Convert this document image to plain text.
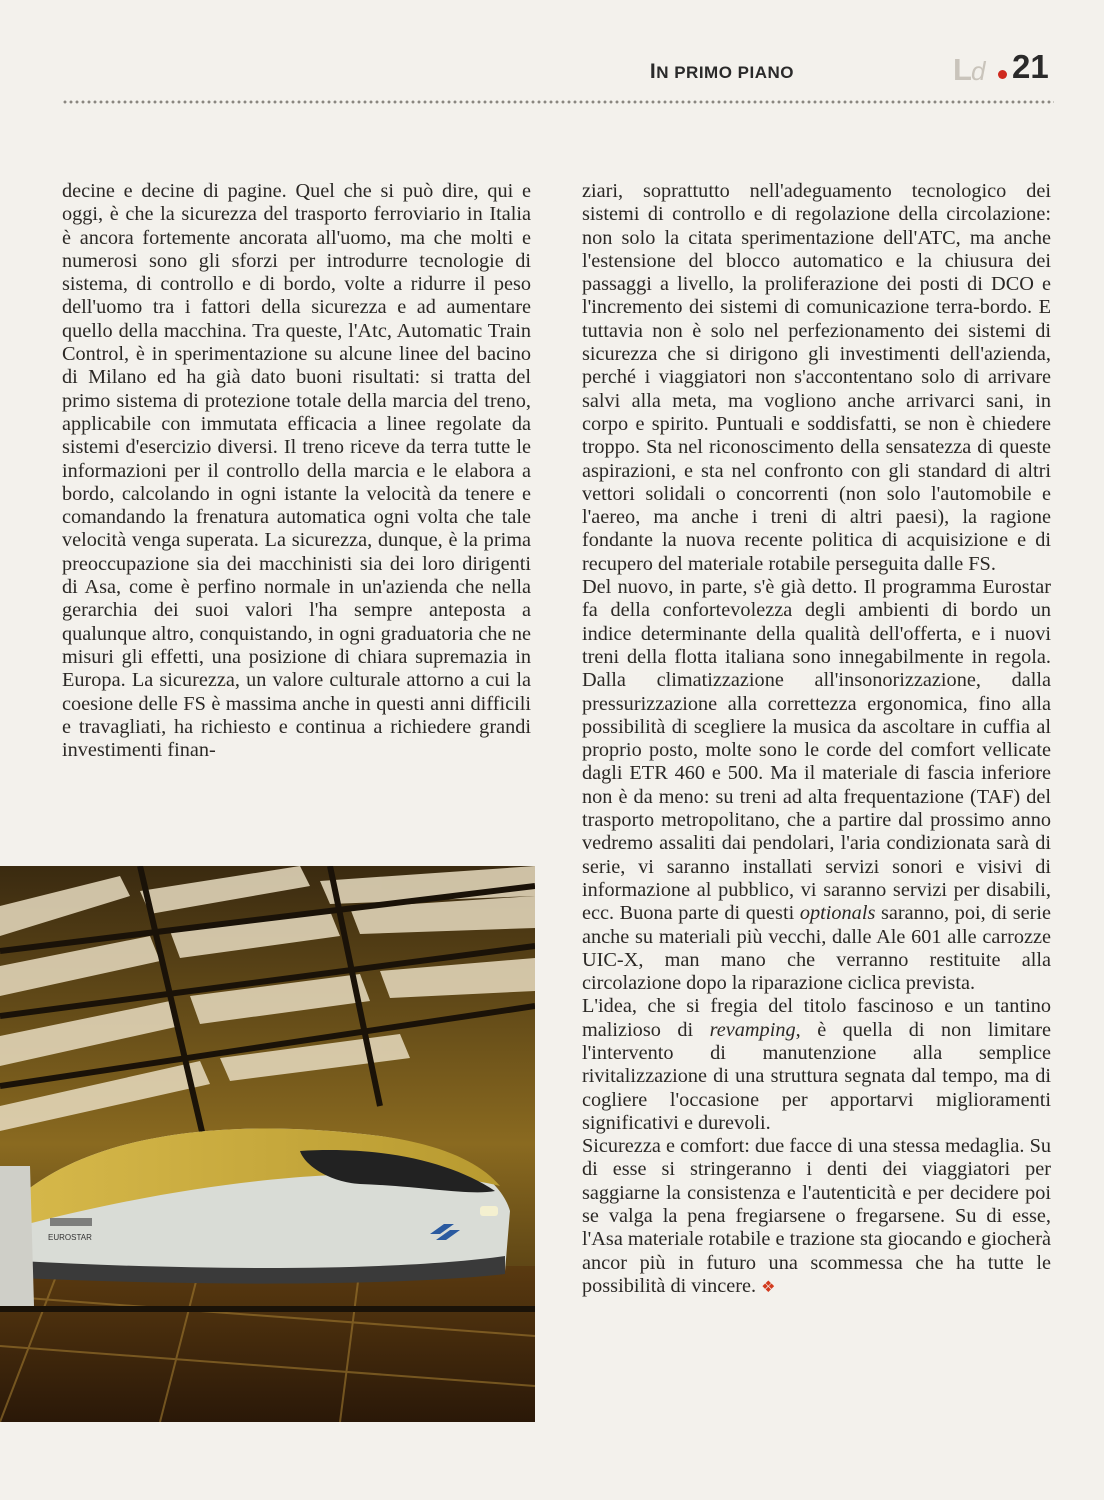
IN PRIMO PIANO	Ld 21

decine e decine di pagine. Quel che si può dire, qui e oggi, è che la sicurezza del trasporto ferroviario in Italia è ancora fortemente ancorata all'uomo, ma che molti e numerosi sono gli sforzi per introdurre tecnologie di sistema, di controllo e di bordo, volte a ridurre il peso dell'uomo tra i fattori della sicurezza e ad aumentare quello della macchina. Tra queste, l'Atc, Automatic Train Control, è in sperimentazione su alcune linee del bacino di Milano ed ha già dato buoni risultati: si tratta del primo sistema di protezione totale della marcia del treno, applicabile con immutata efficacia a linee regolate da sistemi d'esercizio diversi. Il treno riceve da terra tutte le informazioni per il controllo della marcia e le elabora a bordo, calcolando in ogni istante la velocità da tenere e comandando la frenatura automatica ogni volta che tale velocità venga superata. La sicurezza, dunque, è la prima preoccupazione sia dei macchinisti sia dei loro dirigenti di Asa, come è perfino normale in un'azienda che nella gerarchia dei suoi valori l'ha sempre anteposta a qualunque altro, conquistando, in ogni graduatoria che ne misuri gli effetti, una posizione di chiara supremazia in Europa. La sicurezza, un valore culturale attorno a cui la coesione delle FS è massima anche in questi anni difficili e travagliati, ha richiesto e continua a richiedere grandi investimenti finan-

ziari, soprattutto nell'adeguamento tecnologico dei sistemi di controllo e di regolazione della circolazione: non solo la citata sperimentazione dell'ATC, ma anche l'estensione del blocco automatico e la chiusura dei passaggi a livello, la proliferazione dei posti di DCO e l'incremento dei sistemi di comunicazione terra-bordo. E tuttavia non è solo nel perfezionamento dei sistemi di sicurezza che si dirigono gli investimenti dell'azienda, perché i viaggiatori non s'accontentano solo di arrivare salvi alla meta, ma vogliono anche arrivarci sani, in corpo e spirito. Puntuali e soddisfatti, se non è chiedere troppo. Sta nel riconoscimento della sensatezza di queste aspirazioni, e sta nel confronto con gli standard di altri vettori solidali o concorrenti (non solo l'automobile e l'aereo, ma anche i treni di altri paesi), la ragione fondante la nuova recente politica di acquisizione e di recupero del materiale rotabile perseguita dalle FS.

Del nuovo, in parte, s'è già detto. Il programma Eurostar fa della confortevolezza degli ambienti di bordo un indice determinante della qualità dell'offerta, e i nuovi treni della flotta italiana sono innegabilmente in regola. Dalla climatizzazione all'insonorizzazione, dalla pressurizzazione alla correttezza ergonomica, fino alla possibilità di scegliere la musica da ascoltare in cuffia al proprio posto, molte sono le corde del comfort vellicate dagli ETR 460 e 500. Ma il materiale di fascia inferiore non è da meno: su treni ad alta frequentazione (TAF) del trasporto metropolitano, che a partire dal prossimo anno vedremo assaliti dai pendolari, l'aria condizionata sarà di serie, vi saranno installati servizi sonori e visivi di informazione al pubblico, vi saranno servizi per disabili, ecc. Buona parte di questi optionals saranno, poi, di serie anche su materiali più vecchi, dalle Ale 601 alle carrozze UIC-X, man mano che verranno restituite alla circolazione dopo la riparazione ciclica prevista.

L'idea, che si fregia del titolo fascinoso e un tantino malizioso di revamping, è quella di non limitare l'intervento di manutenzione alla semplice rivitalizzazione di una struttura segnata dal tempo, ma di cogliere l'occasione per apportarvi miglioramenti significativi e durevoli.

Sicurezza e comfort: due facce di una stessa medaglia. Su di esse si stringeranno i denti dei viaggiatori per saggiarne la consistenza e l'autenticità e per decidere poi se valga la pena fregiarsene o fregarsene. Su di esse, l'Asa materiale rotabile e trazione sta giocando e giocherà ancor più in futuro una scommessa che ha tutte le possibilità di vincere. ❖

EUROSTAR
